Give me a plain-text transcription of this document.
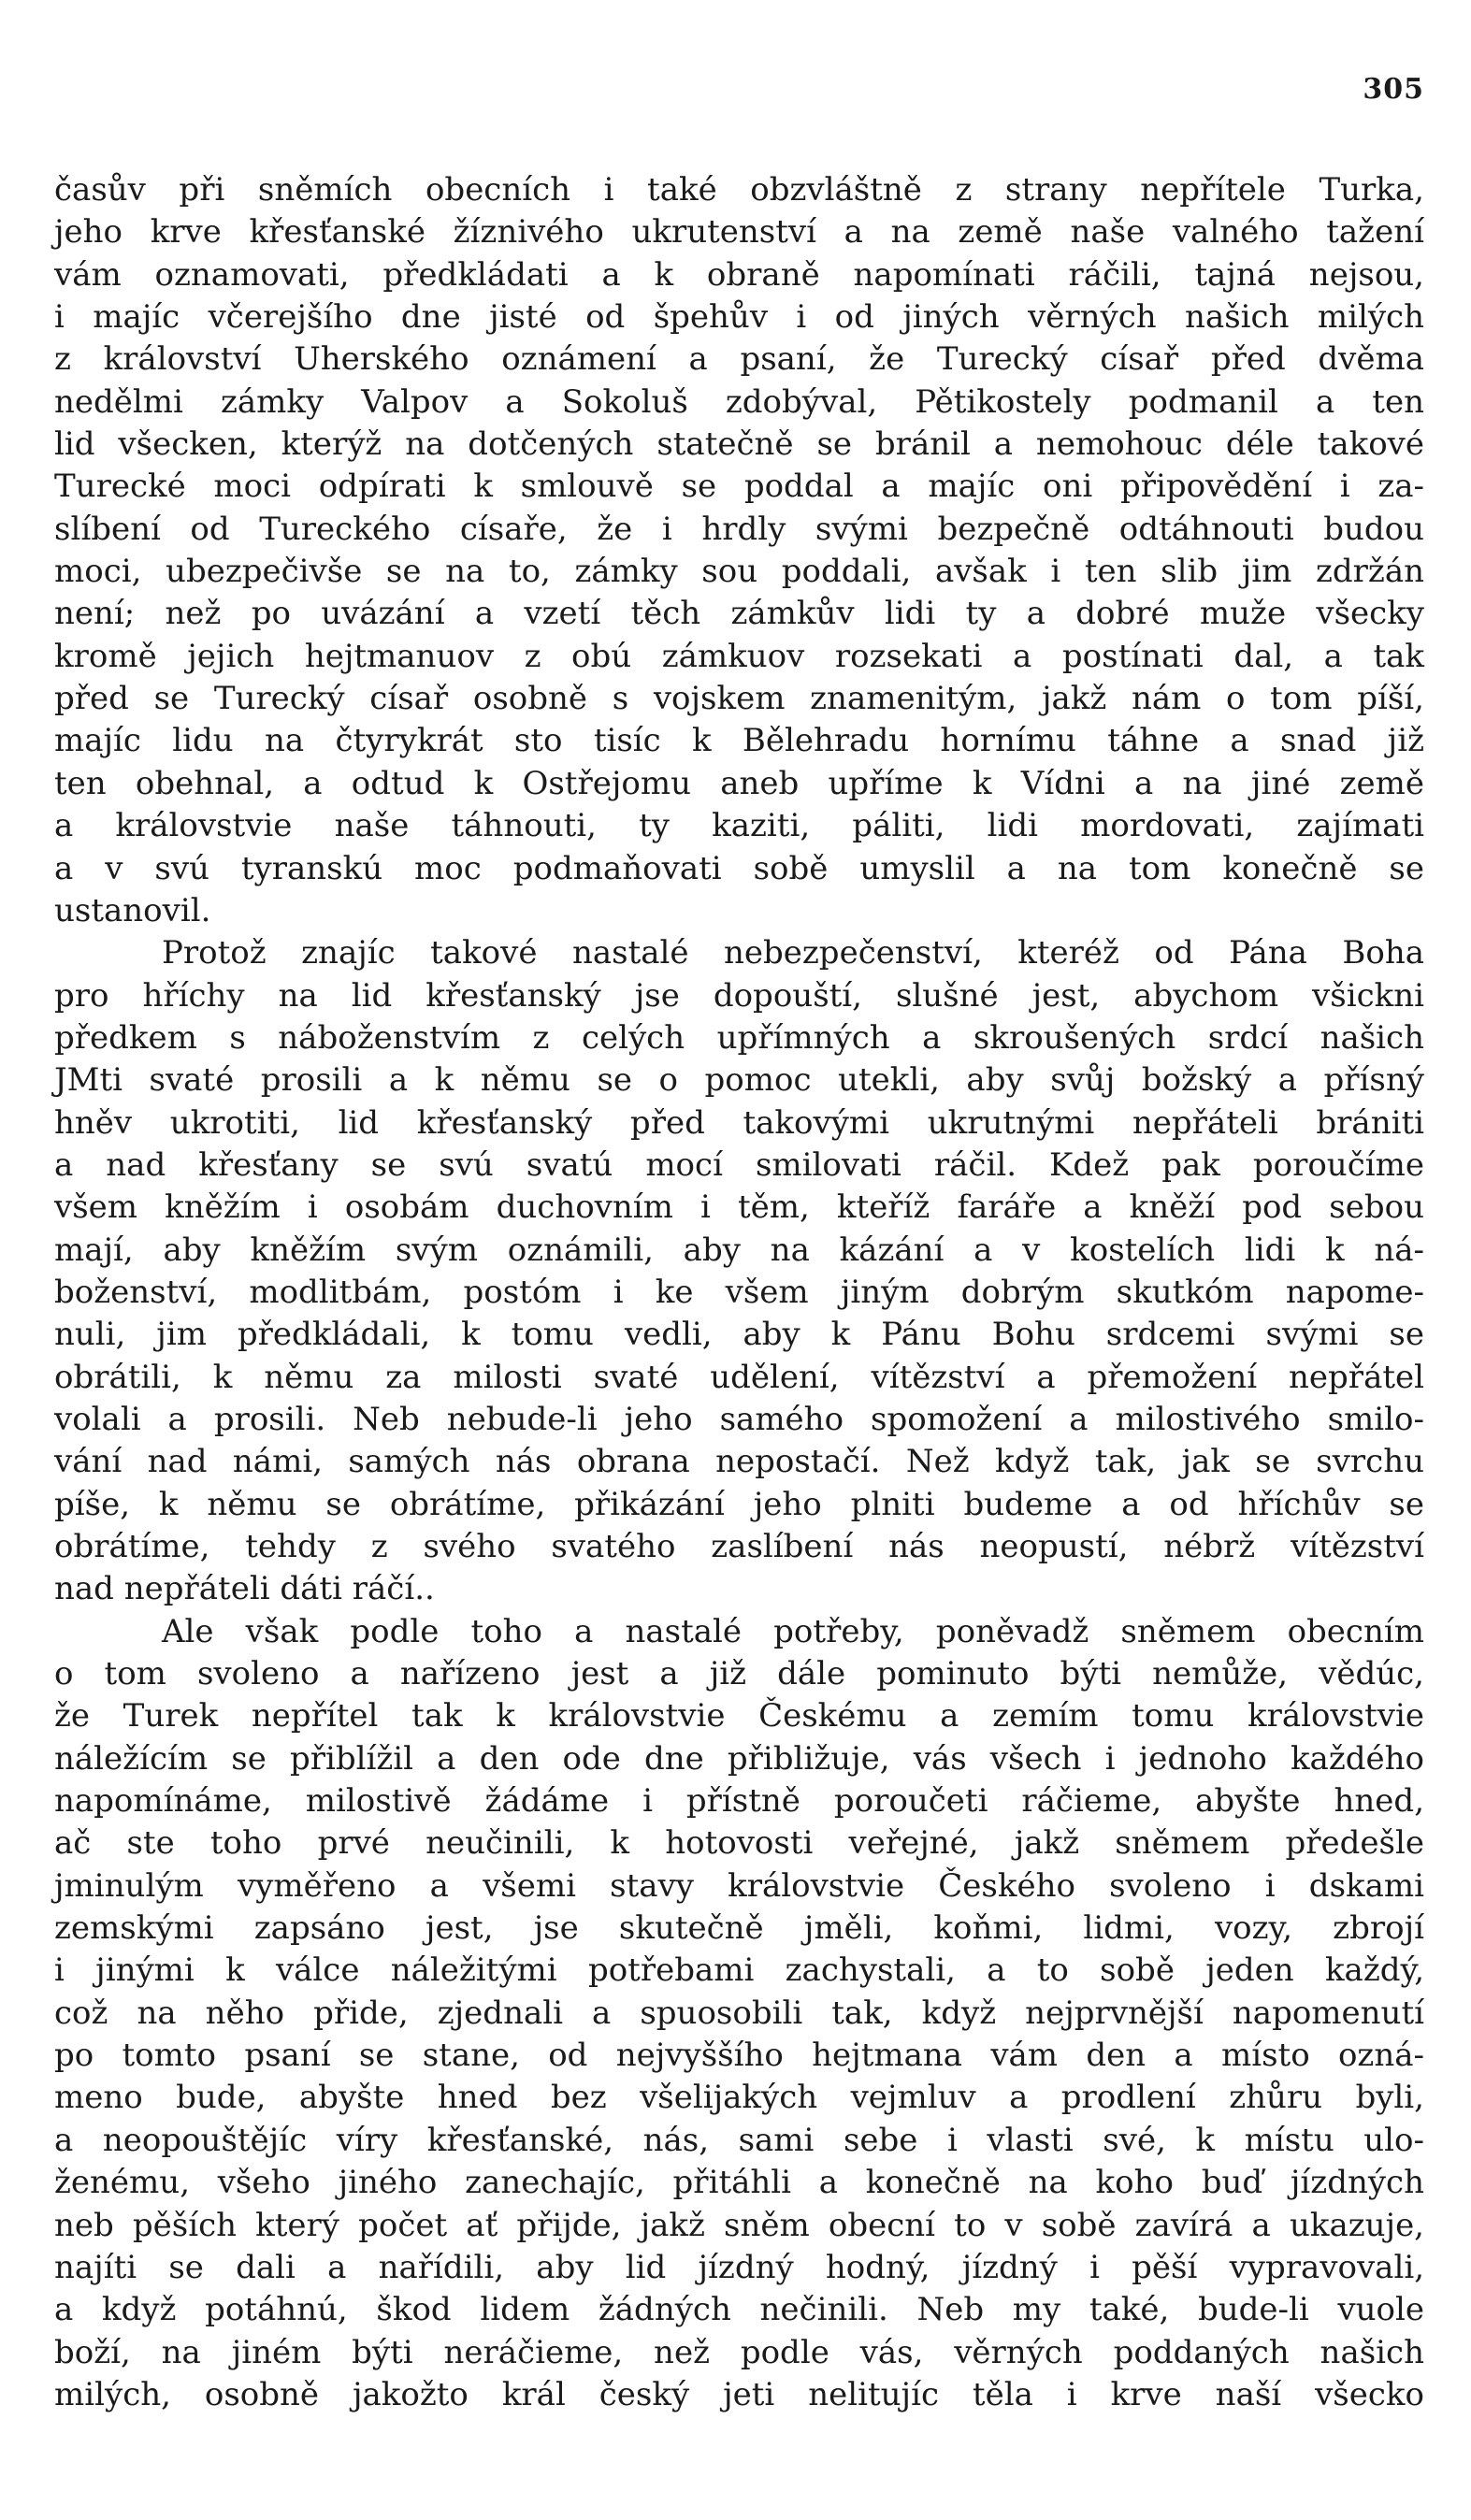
305
časův při sněmích obecních i také obzvláštně z strany nepřítele Turka,
jeho krve křesťanské žíznivého ukrutenství a na země naše valného tažení
vám oznamovati, předkládati a k obraně napomínati ráčili, tajná nejsou,
i majíc včerejšího dne jisté od špehův i od jiných věrných našich milých
z království Uherského oznámení a psaní, že Turecký císař před dvěma
nedělmi zámky Valpov a Sokoluš zdobýval, Pětikostely podmanil a ten
lid všecken, kterýž na dotčených statečně se bránil a nemohouc déle takové
Turecké moci odpírati k smlouvě se poddal a majíc oni připovědění i za-
slíbení od Tureckého císaře, že i hrdly svými bezpečně odtáhnouti budou
moci, ubezpečivše se na to, zámky sou poddali, avšak i ten slib jim zdržán
není; než po uvázání a vzetí těch zámkův lidi ty a dobré muže všecky
kromě jejich hejtmanuov z obú zámkuov rozsekati a postínati dal, a tak
před se Turecký císař osobně s vojskem znamenitým, jakž nám o tom píší,
majíc lidu na čtyrykrát sto tisíc k Bělehradu hornímu táhne a snad již
ten obehnal, a odtud k Ostřejomu aneb upříme k Vídni a na jiné země
a královstvie naše táhnouti, ty kaziti, páliti, lidi mordovati, zajímati
a v svú tyranskú moc podmaňovati sobě umyslil a na tom konečně se
ustanovil.
Protož znajíc takové nastalé nebezpečenství, kteréž od Pána Boha
pro hříchy na lid křesťanský jse dopouští, slušné jest, abychom všickni
předkem s náboženstvím z celých upřímných a skroušených srdcí našich
JMti svaté prosili a k němu se o pomoc utekli, aby svůj božský a přísný
hněv ukrotiti, lid křesťanský před takovými ukrutnými nepřáteli brániti
a nad křesťany se svú svatú mocí smilovati ráčil. Kdež pak poroučíme
všem kněžím i osobám duchovním i těm, kteříž faráře a kněží pod sebou
mají, aby kněžím svým oznámili, aby na kázání a v kostelích lidi k ná-
boženství, modlitbám, postóm i ke všem jiným dobrým skutkóm napome-
nuli, jim předkládali, k tomu vedli, aby k Pánu Bohu srdcemi svými se
obrátili, k němu za milosti svaté udělení, vítězství a přemožení nepřátel
volali a prosili. Neb nebude-li jeho samého spomožení a milostivého smilo-
vání nad námi, samých nás obrana nepostačí. Než když tak, jak se svrchu
píše, k němu se obrátíme, přikázání jeho plniti budeme a od hříchův se
obrátíme, tehdy z svého svatého zaslíbení nás neopustí, nébrž vítězství
nad nepřáteli dáti ráčí..
Ale však podle toho a nastalé potřeby, poněvadž sněmem obecním
o tom svoleno a nařízeno jest a již dále pominuto býti nemůže, vědúc,
že Turek nepřítel tak k královstvie Českému a zemím tomu královstvie
náležícím se přiblížil a den ode dne přibližuje, vás všech i jednoho každého
napomínáme, milostivě žádáme i přístně poroučeti ráčieme, abyšte hned,
ač ste toho prvé neučinili, k hotovosti veřejné, jakž sněmem předešle
jminulým vyměřeno a všemi stavy královstvie Českého svoleno i dskami
zemskými zapsáno jest, jse skutečně jměli, koňmi, lidmi, vozy, zbrojí
i jinými k válce náležitými potřebami zachystali, a to sobě jeden každý,
což na něho přide, zjednali a spuosobili tak, když nejprvnější napomenutí
po tomto psaní se stane, od nejvyššího hejtmana vám den a místo ozná-
meno bude, abyšte hned bez všelijakých vejmluv a prodlení zhůru byli,
a neopouštějíc víry křesťanské, nás, sami sebe i vlasti své, k místu ulo-
ženému, všeho jiného zanechajíc, přitáhli a konečně na koho buď jízdných
neb pěších který počet ať přijde, jakž sněm obecní to v sobě zavírá a ukazuje,
najíti se dali a nařídili, aby lid jízdný hodný, jízdný i pěší vypravovali,
a když potáhnú, škod lidem žádných nečinili. Neb my také, bude-li vuole
boží, na jiném býti neráčieme, než podle vás, věrných poddaných našich
milých, osobně jakožto král český jeti nelitujíc těla i krve naší všecko
